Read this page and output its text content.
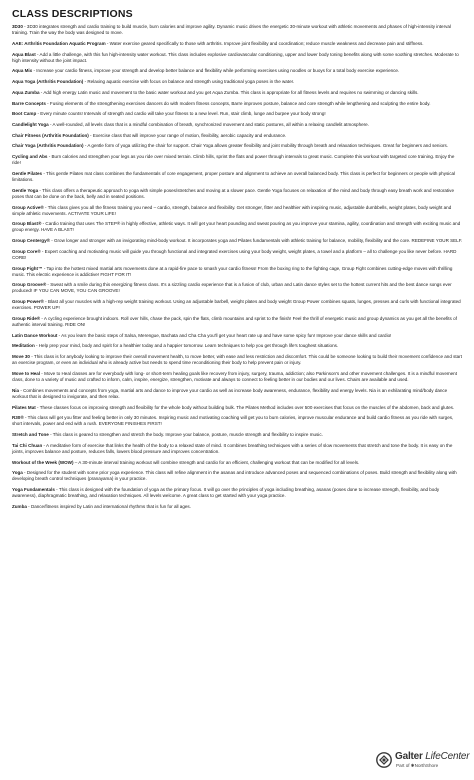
CLASS DESCRIPTIONS

3D30 - 3D30 integrates strength and cardio training to build muscle, burn calories and improve agility. Dynamic music drives the energetic 30-minute workout with athletic movements and phases of high-intensity interval training. Train the way the body was designed to move.

AAE: Arthritis Foundation Aquatic Program - Water exercise geared specifically to those with arthritis. Improve joint flexibility and coordination; reduce muscle weakness and decrease pain and stiffness.

Aqua Blast - Add a little challenge, with this fun high-intensity water workout. This class includes explosive cardiovascular conditioning, upper and lower body toning benefits along with some soothing stretches. Moderate to high intensity without the joint impact.

Aqua Mix - Increase your cardio fitness, improve your strength and develop better balance and flexibility while performing exercises using noodles or buoys for a total body exercise experience.

Aqua Yoga (Arthritis Foundation) - Relaxing aquatic exercise with focus on balance and strength using traditional yoga poses in the water.

Aqua Zumba - Add high energy Latin music and movement to the basic water workout and you get Aqua Zumba. This class is appropriate for all fitness levels and requires no swimming or dancing skills.

Barre Concepts - Fusing elements of the strengthening exercises dancers do with modern fitness concepts, Barre improves posture, balance and core strength while lengthening and sculpting the entire body.

Boot Camp - Every minute counts! Intervals of strength and cardio will take your fitness to a new level. Run, stair climb, lunge and burpee your body strong!

Candlelight Yoga - A well-rounded, all levels class that is a mindful combination of breath, synchronized movement and static postures, all within a relaxing candlelit atmosphere.

Chair Fitness (Arthritis Foundation) - Exercise class that will improve your range of motion, flexibility, aerobic capacity and endurance.

Chair Yoga (Arthritis Foundation) - A gentle form of yoga utilizing the chair for support. Chair Yoga allows greater flexibility and joint mobility through breath and relaxation techniques. Great for beginners and seniors.

Cycling and Abs - Burn calories and strengthen your legs as you ride over mixed terrain. Climb hills, sprint the flats and power through intervals to great music. Complete this workout with targeted core training. Enjoy the ride!

Gentle Pilates - This gentle Pilates mat class combines the fundamentals of core engagement, proper posture and alignment to achieve an overall balanced body. This class is perfect for beginners or people with physical limitations.

Gentle Yoga - This class offers a therapeutic approach to yoga with simple poses/stretches and moving at a slower pace. Gentle Yoga focuses on relaxation of the mind and body through easy breath work and restorative poses that can be done on the back, belly and in seated positions.

Group Active® - This class gives you all the fitness training you need – cardio, strength, balance and flexibility. Get stronger, fitter and healthier with inspiring music, adjustable dumbbells, weight plates, body weight and simple athletic movements. ACTIVATE YOUR LIFE!

Group Blast® - Cardio training that uses The STEP® in highly effective, athletic ways. It will get your heart pounding and sweat pouring as you improve your stamina, agility, coordination and strength with exciting music and group energy. HAVE A BLAST!

Group Centergy® - Grow longer and stronger with an invigorating mind-body workout. It incorporates yoga and Pilates fundamentals with athletic training for balance, mobility, flexibility and the core. REDEFINE YOUR SELF.

Group Core® - Expert coaching and motivating music will guide you through functional and integrated exercises using your body weight, weight plates, a towel and a platform – all to challenge you like never before. HARD CORE!

Group Fight™ - Tap into the hottest mixed martial arts movements done at a rapid-fire pace to smash your cardio fitness! From the boxing ring to the fighting cage, Group Fight combines cutting-edge moves with thrilling music. This electric experience is addictive! FIGHT FOR IT!

Group Groove® - Sweat with a smile during this energizing fitness class. It's a sizzling cardio experience that is a fusion of club, urban and Latin dance styles set to the hottest current hits and the best dance songs ever produced! IF YOU CAN MOVE, YOU CAN GROOVE!

Group Power® - Blast all your muscles with a high-rep weight training workout. Using an adjustable barbell, weight plates and body weight Group Power combines squats, lunges, presses and curls with functional integrated exercises. POWER UP!

Group Ride® - A cycling experience brought indoors. Roll over hills, chase the pack, spin the flats, climb mountains and sprint to the finish! Feel the thrill of energetic music and group dynamics as you get all the benefits of authentic interval training. RIDE ON!

Latin Dance Workout - As you learn the basic steps of Salsa, Merengue, Bachata and Cha Cha you'll get your heart rate up and have some spicy fun! Improve your dance skills and cardio!

Meditation - Help prep your mind, body and spirit for a healthier today and a happier tomorrow. Learn techniques to help you get through life's toughest situations.

Move 30 - This class is for anybody looking to improve their overall movement health, to move better, with ease and less restriction and discomfort. This could be someone looking to build their movement confidence and start an exercise program, or even an individual who is already active but needs to spend time reconditioning their body to help prevent pain or injury.

Move to Heal - Move to Heal classes are for everybody with long- or short-term healing goals like recovery from injury, surgery, trauma, addiction; also Parkinson's and other movement challenges. It is a mindful movement class, done to a variety of music and crafted to inform, calm, inspire, energize, strengthen, motivate and always to connect to feeling better in our bodies and our lives. Chairs are available and used.

Nia - Combines movements and concepts from yoga, martial arts and dance to improve your cardio as well as increase body awareness, endurance, flexibility and energy levels. Nia is an exhilarating mind/body dance workout that is designed to invigorate, and then relax.

Pilates Mat - These classes focus on improving strength and flexibility for the whole body without building bulk. The Pilates Method includes over 500 exercises that focus on the muscles of the abdomen, back and glutes.

R30® - This class will get you fitter and feeling better in only 30 minutes. Inspiring music and motivating coaching will get you to burn calories, improve muscular endurance and build cardio fitness as you ride with surges, short intervals, power and end with a rush. EVERYONE FINISHES FIRST!

Stretch and Tone - This class is geared to strengthen and stretch the body. Improve your balance, posture, muscle strength and flexibility to inspire music.

Tai Chi Chuan - A meditative form of exercise that links the health of the body to a relaxed state of mind. It combines breathing techniques with a series of slow movements that stretch and tone the body. It is easy on the joints, improves balance and posture, reduces falls, lowers blood pressure and improves concentration.

Workout of the Week (WOW) – A 30-minute interval training workout will combine strength and cardio for an efficient, challenging workout that can be modified for all levels.

Yoga - Designed for the student with some prior yoga experience. This class will refine alignment in the asanas and introduce advanced poses and sequenced combinations of poses. Build strength and flexibility along with developing breath control techniques (pranayama) in your practice.

Yoga Fundamentals - This class is designed with the foundation of yoga as the primary focus. It will go over the principles of yoga including breathing, asanas (poses done to increase strength, flexibility, and body awareness), diaphragmatic breathing, and relaxation techniques. All levels welcome. A great class to get started with your yoga practice.

Zumba - Dance/fitness inspired by Latin and international rhythms that is fun for all ages.

Galter LifeCenter
Part of ✱NorthShore
